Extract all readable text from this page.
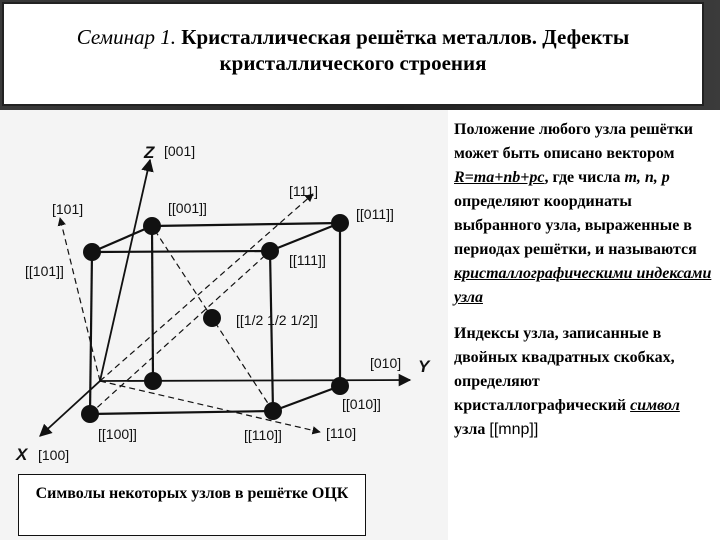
Семинар 1. Кристаллическая решётка металлов. Дефекты
кристаллического строения
Z [001]
[111]
[101]	[[001]]	[[011]]
[[101]]
[[111]]
[[1/2 1/2 1/2]]
[010] Y
[[010]]
[[100]]	[[110]]	[110]
X [100]
Символы некоторых узлов в решётке ОЦК

Положение любого узла решётки может быть описано вектором R=ma+nb+pc, где числа m, n, p определяют координаты выбранного узла, выраженные в периодах решётки, и называются кристаллографическими индексами узла

Индексы узла, записанные в двойных квадратных скобках, определяют кристаллографический символ узла [[mnp]]
